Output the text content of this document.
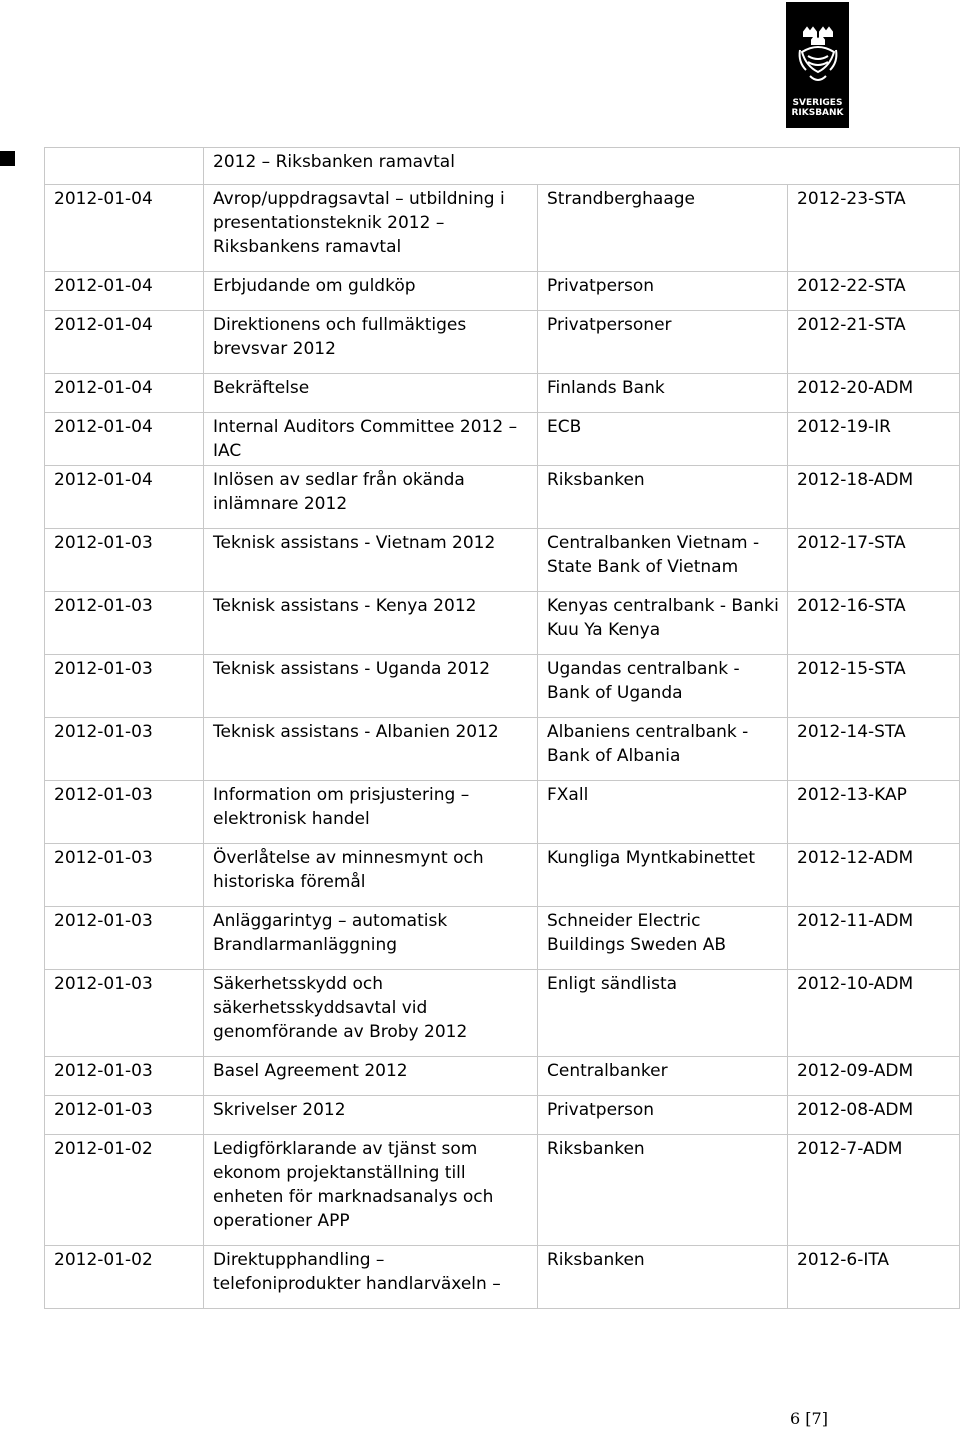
SVERIGES
RIKSBANK
	2012 – Riksbanken ramavtal		
2012-01-04	Avrop/uppdragsavtal – utbildning i presentationsteknik 2012 – Riksbankens ramavtal	Strandberghaage	2012-23-STA
2012-01-04	Erbjudande om guldköp	Privatperson	2012-22-STA
2012-01-04	Direktionens och fullmäktiges brevsvar 2012	Privatpersoner	2012-21-STA
2012-01-04	Bekräftelse	Finlands Bank	2012-20-ADM
2012-01-04	Internal Auditors Committee 2012 – IAC	ECB	2012-19-IR
2012-01-04	Inlösen av sedlar från okända inlämnare 2012	Riksbanken	2012-18-ADM
2012-01-03	Teknisk assistans - Vietnam 2012	Centralbanken Vietnam - State Bank of Vietnam	2012-17-STA
2012-01-03	Teknisk assistans - Kenya 2012	Kenyas centralbank - Banki Kuu Ya Kenya	2012-16-STA
2012-01-03	Teknisk assistans - Uganda 2012	Ugandas centralbank - Bank of Uganda	2012-15-STA
2012-01-03	Teknisk assistans - Albanien 2012	Albaniens centralbank - Bank of Albania	2012-14-STA
2012-01-03	Information om prisjustering – elektronisk handel	FXall	2012-13-KAP
2012-01-03	Överlåtelse av minnesmynt och historiska föremål	Kungliga Myntkabinettet	2012-12-ADM
2012-01-03	Anläggarintyg – automatisk Brandlarmanläggning	Schneider Electric Buildings Sweden AB	2012-11-ADM
2012-01-03	Säkerhetsskydd och säkerhetsskyddsavtal vid genomförande av Broby 2012	Enligt sändlista	2012-10-ADM
2012-01-03	Basel Agreement 2012	Centralbanker	2012-09-ADM
2012-01-03	Skrivelser 2012	Privatperson	2012-08-ADM
2012-01-02	Ledigförklarande av tjänst som ekonom projektanställning till enheten för marknadsanalys och operationer APP	Riksbanken	2012-7-ADM
2012-01-02	Direktupphandling – telefoniprodukter handlarväxeln –	Riksbanken	2012-6-ITA
6 [7]
